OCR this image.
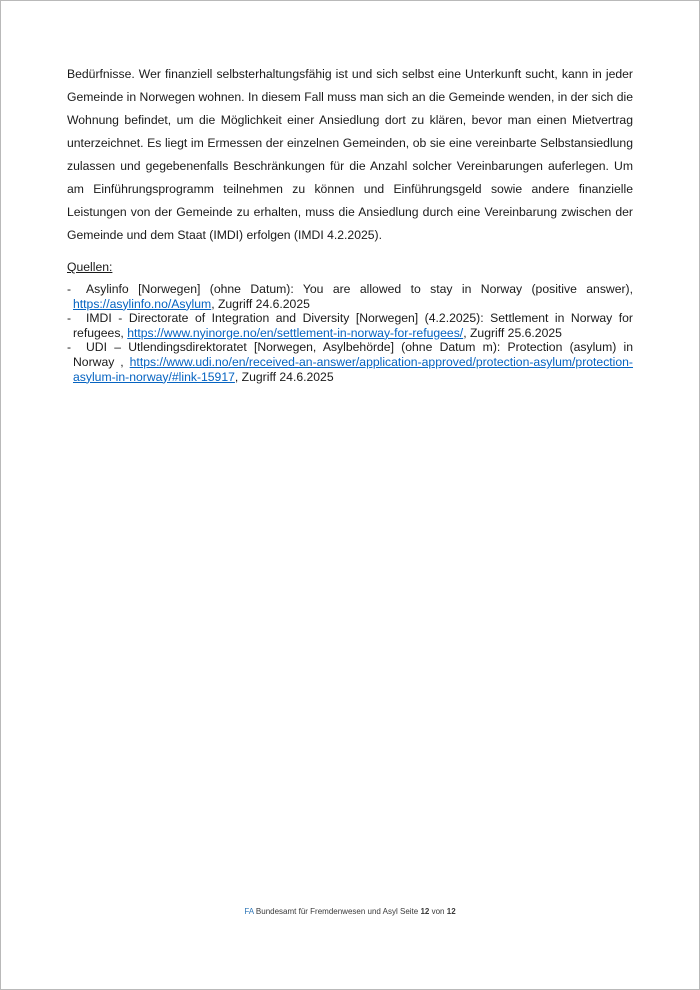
Bedürfnisse. Wer finanziell selbsterhaltungsfähig ist und sich selbst eine Unterkunft sucht, kann in jeder Gemeinde in Norwegen wohnen. In diesem Fall muss man sich an die Gemeinde wenden, in der sich die Wohnung befindet, um die Möglichkeit einer Ansiedlung dort zu klären, bevor man einen Mietvertrag unterzeichnet. Es liegt im Ermessen der einzelnen Gemeinden, ob sie eine vereinbarte Selbstansiedlung zulassen und gegebenenfalls Beschränkungen für die Anzahl solcher Vereinbarungen auferlegen. Um am Einführungsprogramm teilnehmen zu können und Einführungsgeld sowie andere finanzielle Leistungen von der Gemeinde zu erhalten, muss die Ansiedlung durch eine Vereinbarung zwischen der Gemeinde und dem Staat (IMDI) erfolgen (IMDI 4.2.2025).

Quellen:

- Asylinfo [Norwegen] (ohne Datum): You are allowed to stay in Norway (positive answer), https://asylinfo.no/Asylum, Zugriff 24.6.2025
- IMDI - Directorate of Integration and Diversity [Norwegen] (4.2.2025): Settlement in Norway for refugees, https://www.nyinorge.no/en/settlement-in-norway-for-refugees/, Zugriff 25.6.2025
- UDI – Utlendingsdirektoratet [Norwegen, Asylbehörde] (ohne Datum m): Protection (asylum) in Norway , https://www.udi.no/en/received-an-answer/application-approved/protection-asylum/protection-asylum-in-norway/#link-15917, Zugriff 24.6.2025
FA Bundesamt für Fremdenwesen und Asyl Seite 12 von 12
